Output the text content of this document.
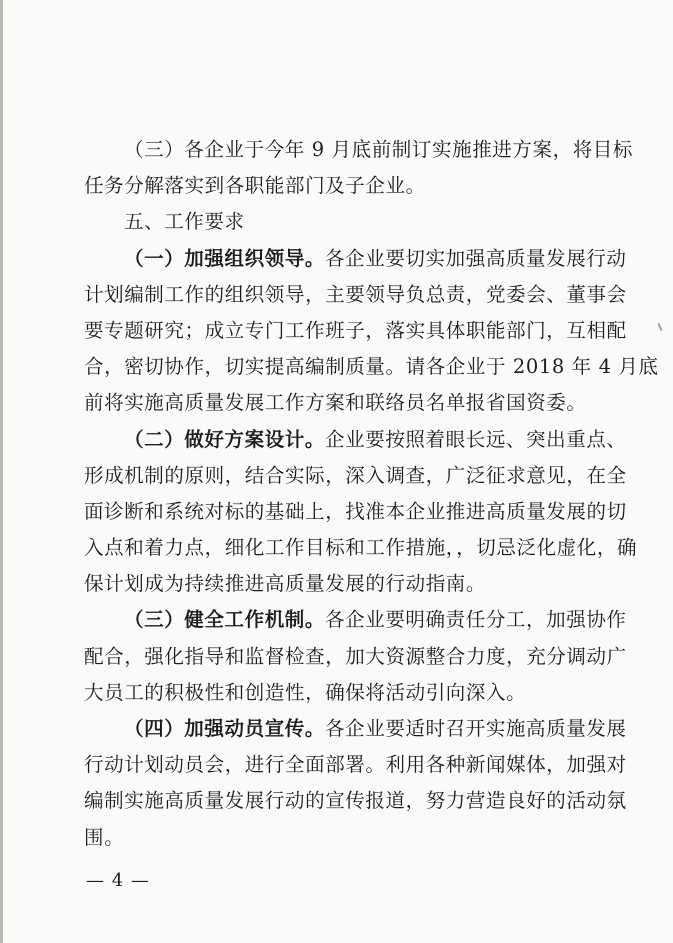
（三）各企业于今年 9 月底前制订实施推进方案，将目标
任务分解落实到各职能部门及子企业。
五、工作要求
（一）加强组织领导。各企业要切实加强高质量发展行动
计划编制工作的组织领导，主要领导负总责，党委会、董事会
要专题研究；成立专门工作班子，落实具体职能部门，互相配
合，密切协作，切实提高编制质量。请各企业于 2018 年 4 月底
前将实施高质量发展工作方案和联络员名单报省国资委。
（二）做好方案设计。企业要按照着眼长远、突出重点、
形成机制的原则，结合实际，深入调查，广泛征求意见，在全
面诊断和系统对标的基础上，找准本企业推进高质量发展的切
入点和着力点，细化工作目标和工作措施，，切忌泛化虚化，确
保计划成为持续推进高质量发展的行动指南。
（三）健全工作机制。各企业要明确责任分工，加强协作
配合，强化指导和监督检查，加大资源整合力度，充分调动广
大员工的积极性和创造性，确保将活动引向深入。
（四）加强动员宣传。各企业要适时召开实施高质量发展
行动计划动员会，进行全面部署。利用各种新闻媒体，加强对
编制实施高质量发展行动的宣传报道，努力营造良好的活动氛
围。
— 4 —
